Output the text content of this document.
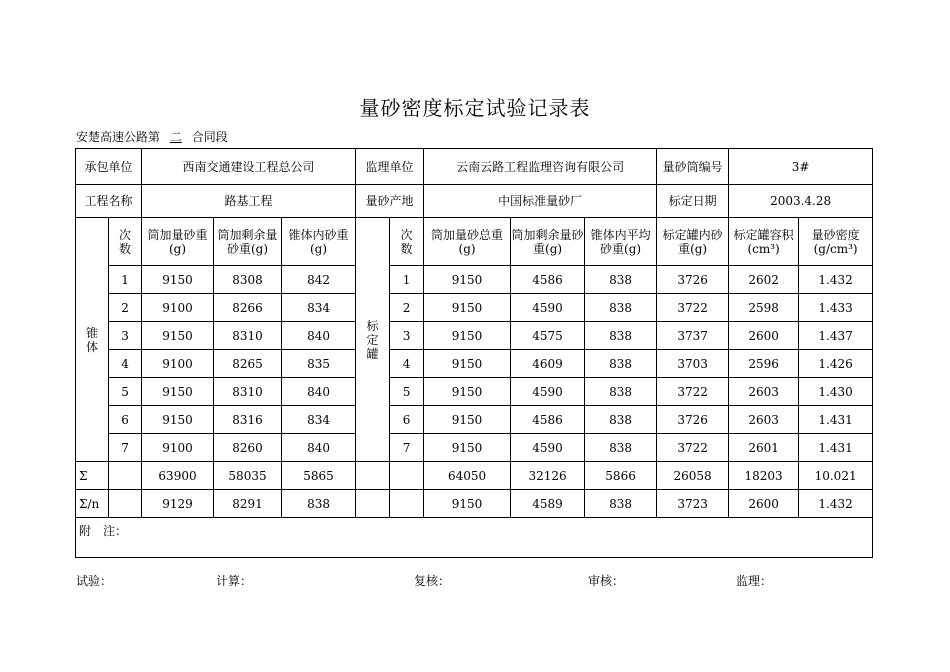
量砂密度标定试验记录表
安楚高速公路第 二 合同段
承包单位		西南交通建设工程总公司			监理单位		云南云路工程监理咨询有限公司			量砂筒编号	3#	
工程名称		路基工程			量砂产地		中国标准量砂厂			标定日期	2003.4.28	
锥体	次数	筒加量砂重(g)	筒加剩余量砂重(g)	锥体内砂重(g)	标定罐	次数	筒加量砂总重(g)	筒加剩余量砂重(g)	锥体内平均砂重(g)	标定罐内砂重(g)	标定罐容积(cm³)	量砂密度(g/cm³)
	1	9150	8308	842		1	9150	4586	838	3726	2602	1.432
	2	9100	8266	834		2	9150	4590	838	3722	2598	1.433
	3	9150	8310	840		3	9150	4575	838	3737	2600	1.437
	4	9100	8265	835		4	9150	4609	838	3703	2596	1.426
	5	9150	8310	840		5	9150	4590	838	3722	2603	1.430
	6	9150	8316	834		6	9150	4586	838	3726	2603	1.431
	7	9100	8260	840		7	9150	4590	838	3722	2601	1.431
Σ		63900	58035	5865			64050	32126	5866	26058	18203	10.021
Σ/n		9129	8291	838			9150	4589	838	3723	2600	1.432
附　注：												
试验：	计算：	复核：	审核：	监理：
